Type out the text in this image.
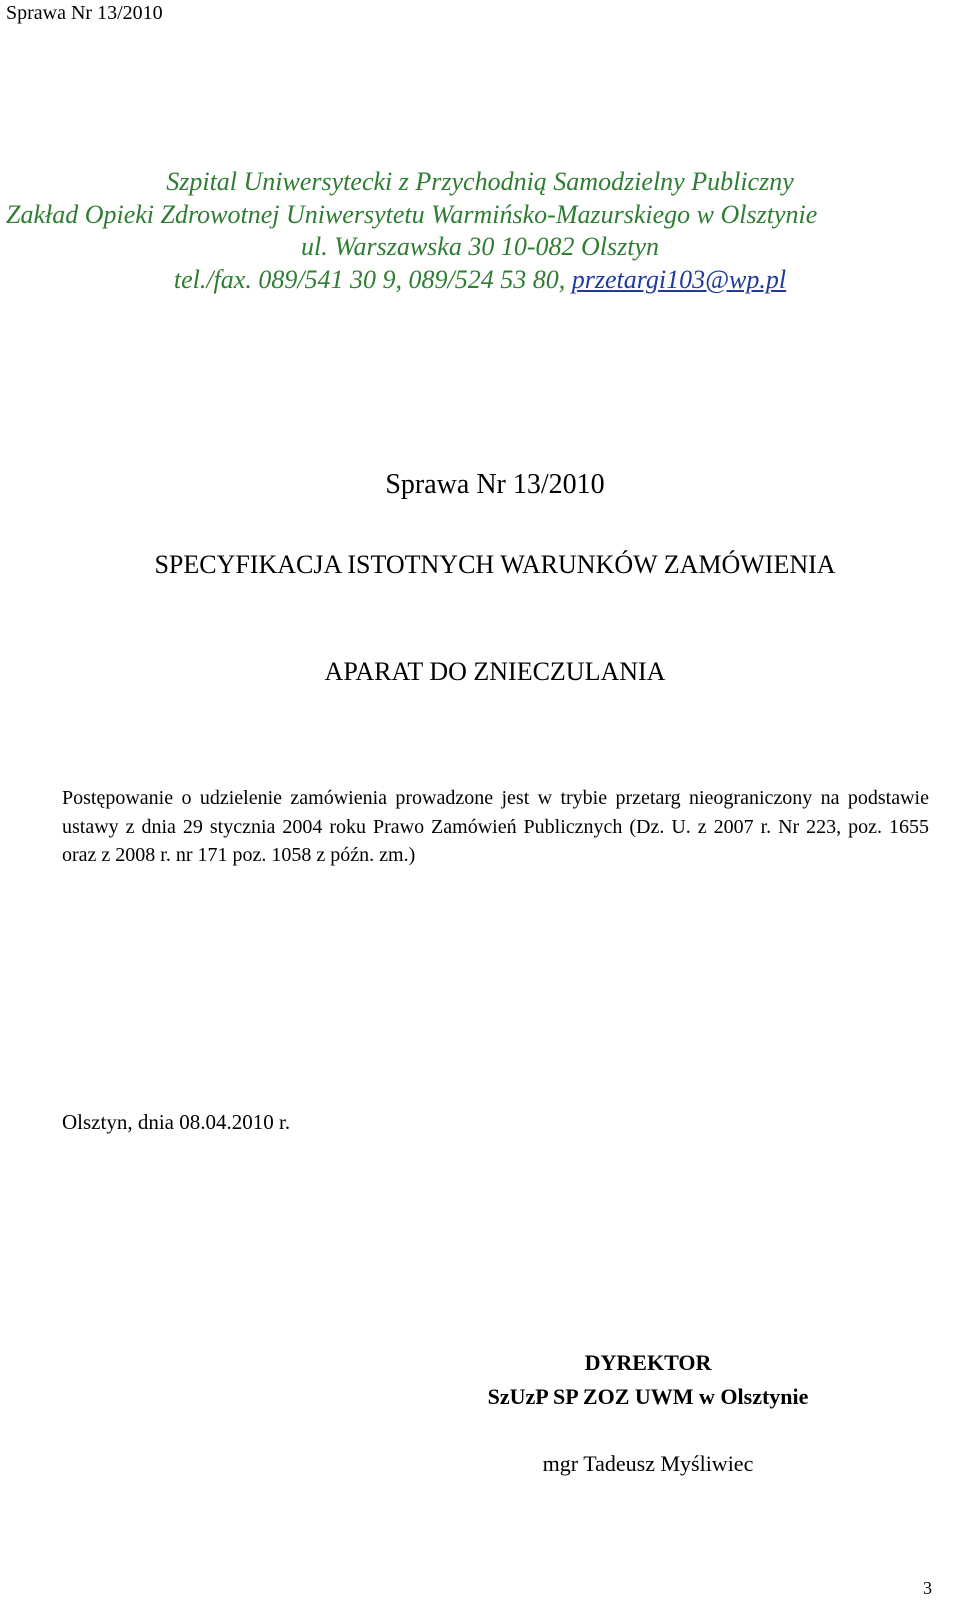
Sprawa Nr 13/2010
Szpital Uniwersytecki z Przychodnią Samodzielny Publiczny
Zakład Opieki Zdrowotnej Uniwersytetu Warmińsko-Mazurskiego w Olsztynie
ul. Warszawska 30 10-082 Olsztyn
tel./fax. 089/541 30 9, 089/524 53 80, przetargi103@wp.pl
Sprawa Nr 13/2010
SPECYFIKACJA ISTOTNYCH WARUNKÓW ZAMÓWIENIA
APARAT DO ZNIECZULANIA
Postępowanie o udzielenie zamówienia prowadzone jest w trybie przetarg nieograniczony na podstawie ustawy z dnia 29 stycznia 2004 roku Prawo Zamówień Publicznych (Dz. U. z 2007 r. Nr 223, poz. 1655 oraz z 2008 r. nr 171 poz. 1058 z późn. zm.)
Olsztyn, dnia 08.04.2010 r.
DYREKTOR
SzUzP SP ZOZ UWM w Olsztynie
mgr Tadeusz Myśliwiec
3
